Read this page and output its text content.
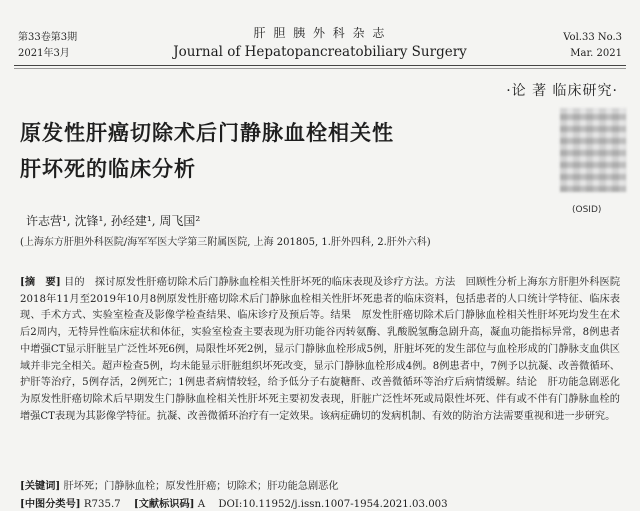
第33卷第3期
2021年3月
肝 胆 胰 外 科 杂 志
Journal of Hepatopancreatobiliary Surgery
Vol.33 No.3
Mar. 2021
·论 著 临床研究·
原发性肝癌切除术后门静脉血栓相关性
肝坏死的临床分析
(OSID)
许志营¹, 沈锋¹, 孙经建¹, 周飞国²
(上海东方肝胆外科医院/海军军医大学第三附属医院, 上海 201805, 1.肝外四科, 2.肝外六科)

[摘　要] 目的　探讨原发性肝癌切除术后门静脉血栓相关性肝坏死的临床表现及诊疗方法。方法　回顾性分析上海东方肝胆外科医院2018年11月至2019年10月8例原发性肝癌切除术后门静脉血栓相关性肝坏死患者的临床资料，包括患者的人口统计学特征、临床表现、手术方式、实验室检查及影像学检查结果、临床诊疗及预后等。结果　原发性肝癌切除术后门静脉血栓相关性肝坏死均发生在术后2周内，无特异性临床症状和体征，实验室检查主要表现为肝功能谷丙转氨酶、乳酸脱氢酶急剧升高，凝血功能指标异常，8例患者中增强CT显示肝脏呈广泛性坏死6例，局限性坏死2例，显示门静脉血栓形成5例，肝脏坏死的发生部位与血栓形成的门静脉支血供区域并非完全相关。超声检查5例，均未能显示肝脏组织坏死改变，显示门静脉血栓形成4例。8例患者中，7例予以抗凝、改善微循环、护肝等治疗，5例存活，2例死亡；1例患者病情较轻，给予低分子右旋糖酐、改善微循环等治疗后病情缓解。结论　肝功能急剧恶化为原发性肝癌切除术后早期发生门静脉血栓相关性肝坏死主要初发表现，肝脏广泛性坏死或局限性坏死、伴有或不伴有门静脉血栓的增强CT表现为其影像学特征。抗凝、改善微循环治疗有一定效果。该病症确切的发病机制、有效的防治方法需要重视和进一步研究。

[关键词] 肝坏死；门静脉血栓；原发性肝癌；切除术；肝功能急剧恶化
[中图分类号] R735.7 [文献标识码] A DOI:10.11952/j.issn.1007-1954.2021.03.003
